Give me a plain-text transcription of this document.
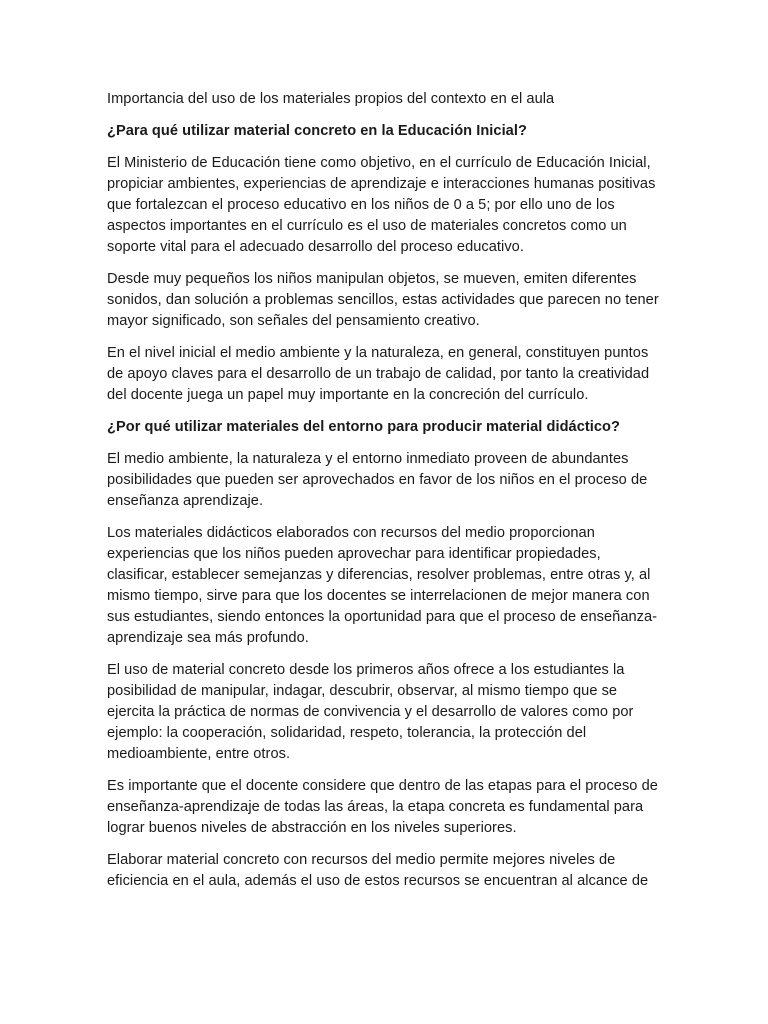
Importancia del uso de los materiales propios del contexto en el aula

¿Para qué utilizar material concreto en la Educación Inicial?

El Ministerio de Educación tiene como objetivo, en el currículo de Educación Inicial, propiciar ambientes, experiencias de aprendizaje e interacciones humanas positivas que fortalezcan el proceso educativo en los niños de 0 a 5; por ello uno de los aspectos importantes en el currículo es el uso de materiales concretos como un soporte vital para el adecuado desarrollo del proceso educativo.

Desde muy pequeños los niños manipulan objetos, se mueven, emiten diferentes sonidos, dan solución a problemas sencillos, estas actividades que parecen no tener mayor significado, son señales del pensamiento creativo.

En el nivel inicial el medio ambiente y la naturaleza, en general, constituyen puntos de apoyo claves para el desarrollo de un trabajo de calidad, por tanto la creatividad del docente juega un papel muy importante en la concreción del currículo.

¿Por qué utilizar materiales del entorno para producir material didáctico?

El medio ambiente, la naturaleza y el entorno inmediato proveen de abundantes posibilidades que pueden ser aprovechados en favor de los niños en el proceso de enseñanza aprendizaje.

Los materiales didácticos elaborados con recursos del medio proporcionan experiencias que los niños pueden aprovechar para identificar propiedades, clasificar, establecer semejanzas y diferencias, resolver problemas, entre otras y, al mismo tiempo, sirve para que los docentes se interrelacionen de mejor manera con sus estudiantes, siendo entonces la oportunidad para que el proceso de enseñanza-aprendizaje sea más profundo.

El uso de material concreto desde los primeros años ofrece a los estudiantes la posibilidad de manipular, indagar, descubrir, observar, al mismo tiempo que se ejercita la práctica de normas de convivencia y el desarrollo de valores como por ejemplo: la cooperación, solidaridad, respeto, tolerancia, la protección del medioambiente, entre otros.

Es importante que el docente considere que dentro de las etapas para el proceso de enseñanza-aprendizaje de todas las áreas, la etapa concreta es fundamental para lograr buenos niveles de abstracción en los niveles superiores.

Elaborar material concreto con recursos del medio permite mejores niveles de eficiencia en el aula, además el uso de estos recursos se encuentran al alcance de
